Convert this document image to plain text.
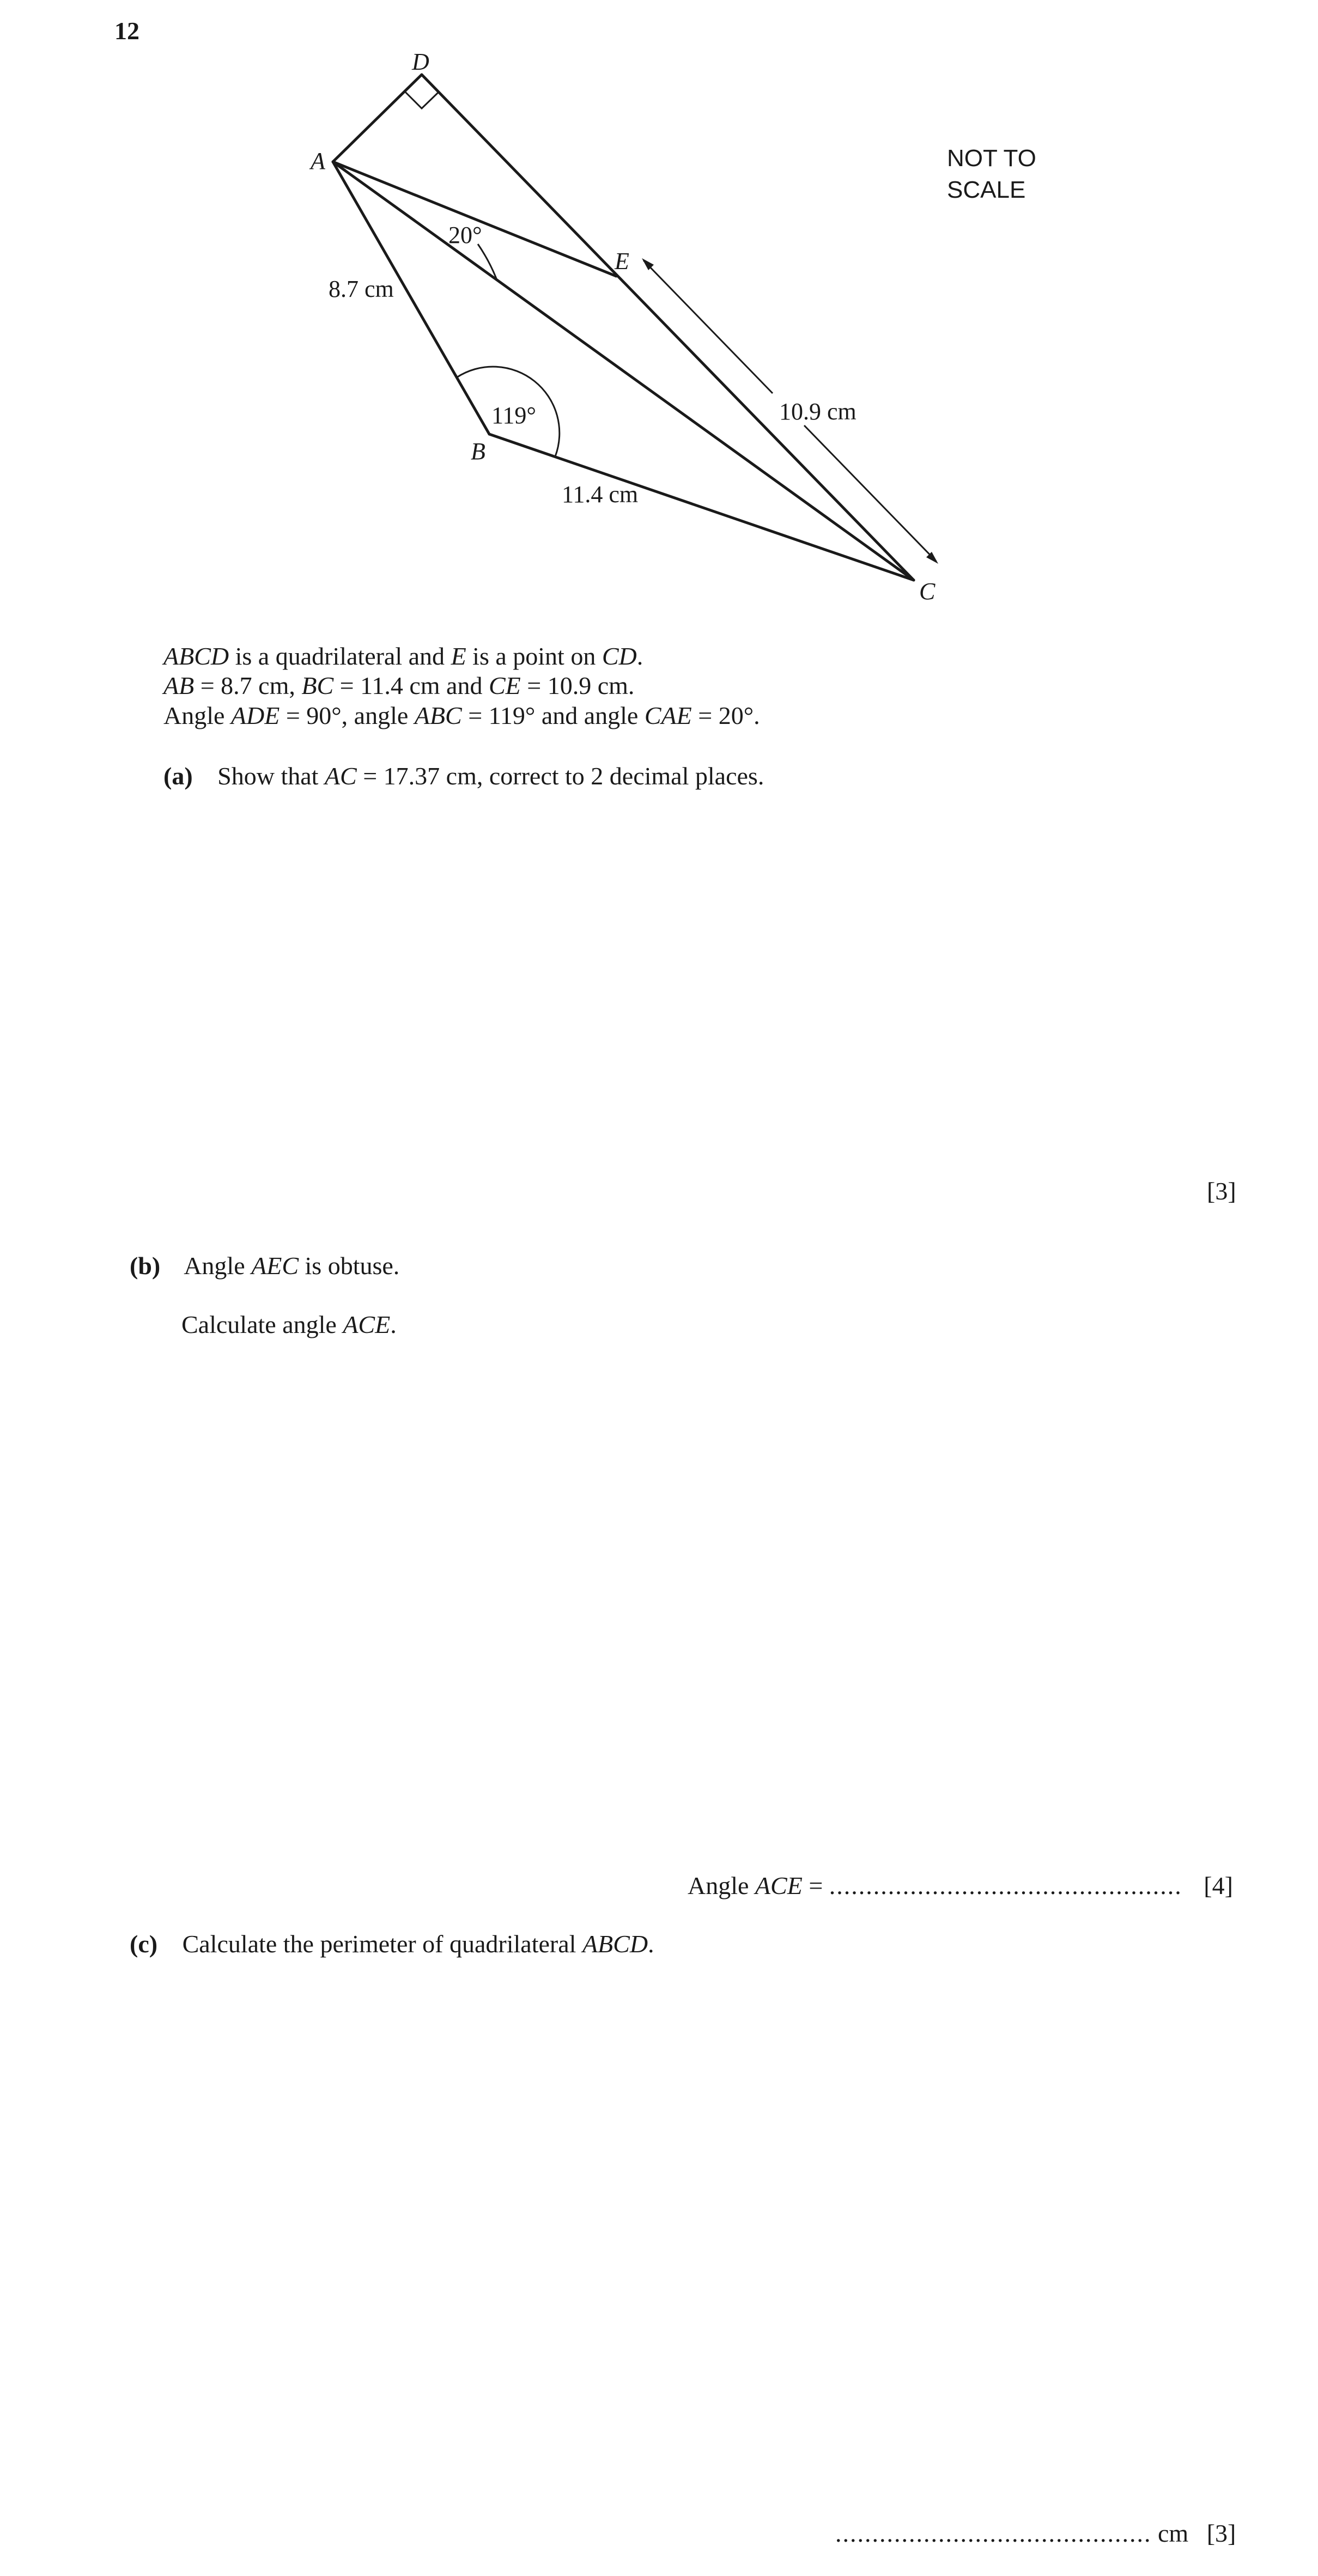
12
NOT TO
SCALE
D
A
E
B
C
8.7 cm
11.4 cm
10.9 cm
119°
20°
ABCD is a quadrilateral and E is a point on CD.
AB = 8.7 cm, BC = 11.4 cm and CE = 10.9 cm.
Angle ADE = 90°, angle ABC = 119° and angle CAE = 20°.
(a) Show that AC = 17.37 cm, correct to 2 decimal places.
[3]
(b) Angle AEC is obtuse.
Calculate angle ACE.
Angle ACE = ................................................ [4]
(c) Calculate the perimeter of quadrilateral ABCD.
........................................... cm [3]
